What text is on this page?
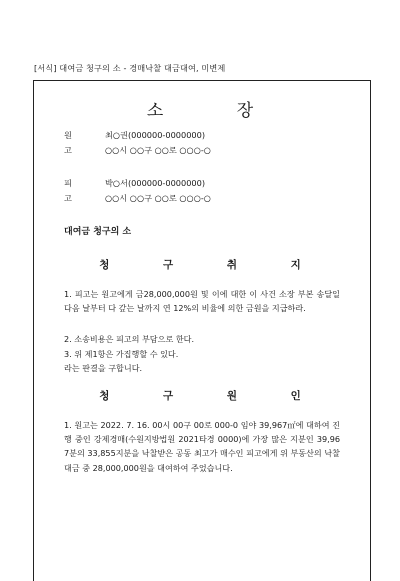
[서식] 대여금 청구의 소 - 경매낙찰 대금대여, 미변제
소 장
원 고
최○권(000000-0000000)
○○시 ○○구 ○○로 ○○○-○
피 고
박○서(000000-0000000)
○○시 ○○구 ○○로 ○○○-○
대여금 청구의 소
청 구 취 지
1. 피고는 원고에게 금28,000,000원 및 이에 대한 이 사건 소장 부본 송달일 다음 날부터 다 갚는 날까지 연 12%의 비율에 의한 금원을 지급하라.
2. 소송비용은 피고의 부담으로 한다.
3. 위 제1항은 가집행할 수 있다.
라는 판결을 구합니다.
청 구 원 인
1. 원고는 2022. 7. 16. 00시 00구 00로 000-0 임야 39,967㎡에 대하여 진행 중인 강제경매(수원지방법원 2021타경 0000)에 가장 많은 지분인 39,967분의 33,855지분을 낙찰받은 공동 최고가 매수인 피고에게 위 부동산의 낙찰대금 중 28,000,000원을 대여하여 주었습니다.
